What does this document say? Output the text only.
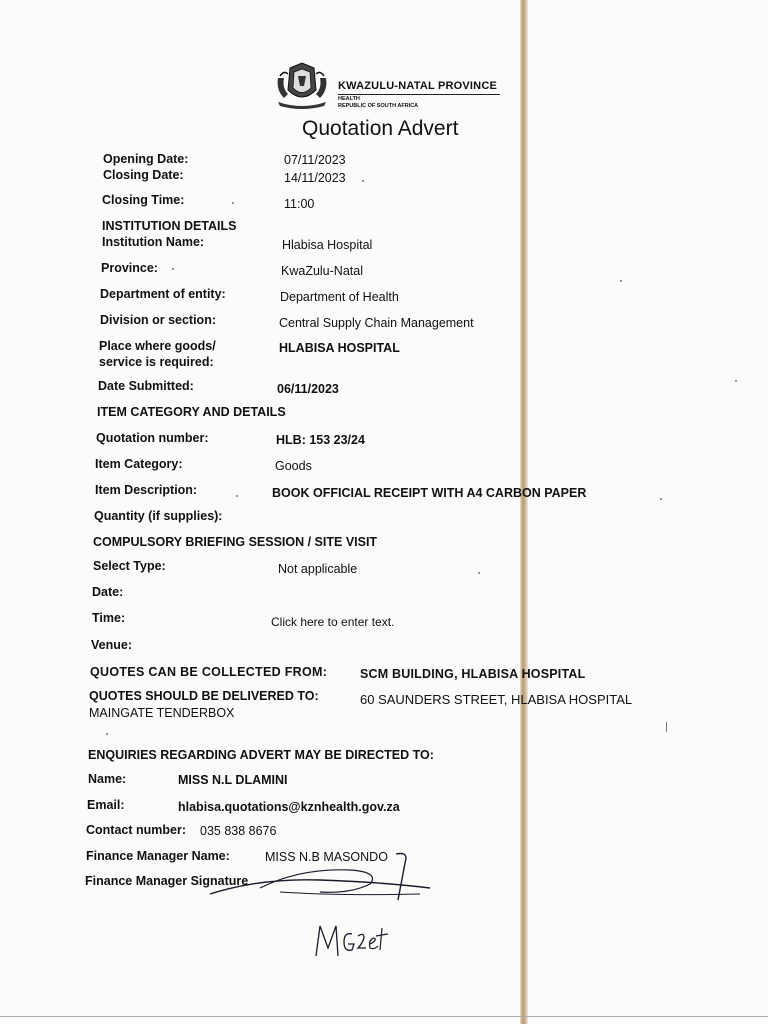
KWAZULU-NATAL PROVINCE
HEALTH
REPUBLIC OF SOUTH AFRICA
Quotation Advert
Opening Date:	07/11/2023
Closing Date:	14/11/2023
Closing Time:	11:00
INSTITUTION DETAILS
Institution Name:	Hlabisa Hospital
Province:	KwaZulu-Natal
Department of entity:	Department of Health
Division or section:	Central Supply Chain Management
Place where goods/
service is required:
HLABISA HOSPITAL
Date Submitted:	06/11/2023
ITEM CATEGORY AND DETAILS
Quotation number:	HLB: 153 23/24
Item Category:	Goods
Item Description:	BOOK OFFICIAL RECEIPT WITH A4 CARBON PAPER
Quantity (if supplies):
COMPULSORY BRIEFING SESSION / SITE VISIT
Select Type:	Not applicable
Date:
Time:	Click here to enter text.
Venue:
QUOTES CAN BE COLLECTED FROM:	SCM BUILDING, HLABISA HOSPITAL
QUOTES SHOULD BE DELIVERED TO:	60 SAUNDERS STREET, HLABISA HOSPITAL
MAINGATE TENDERBOX
ENQUIRIES REGARDING ADVERT MAY BE DIRECTED TO:
Name:	MISS N.L DLAMINI
Email:	hlabisa.quotations@kznhealth.gov.za
Contact number: 035 838 8676
Finance Manager Name:	MISS N.B MASONDO
Finance Manager Signature
